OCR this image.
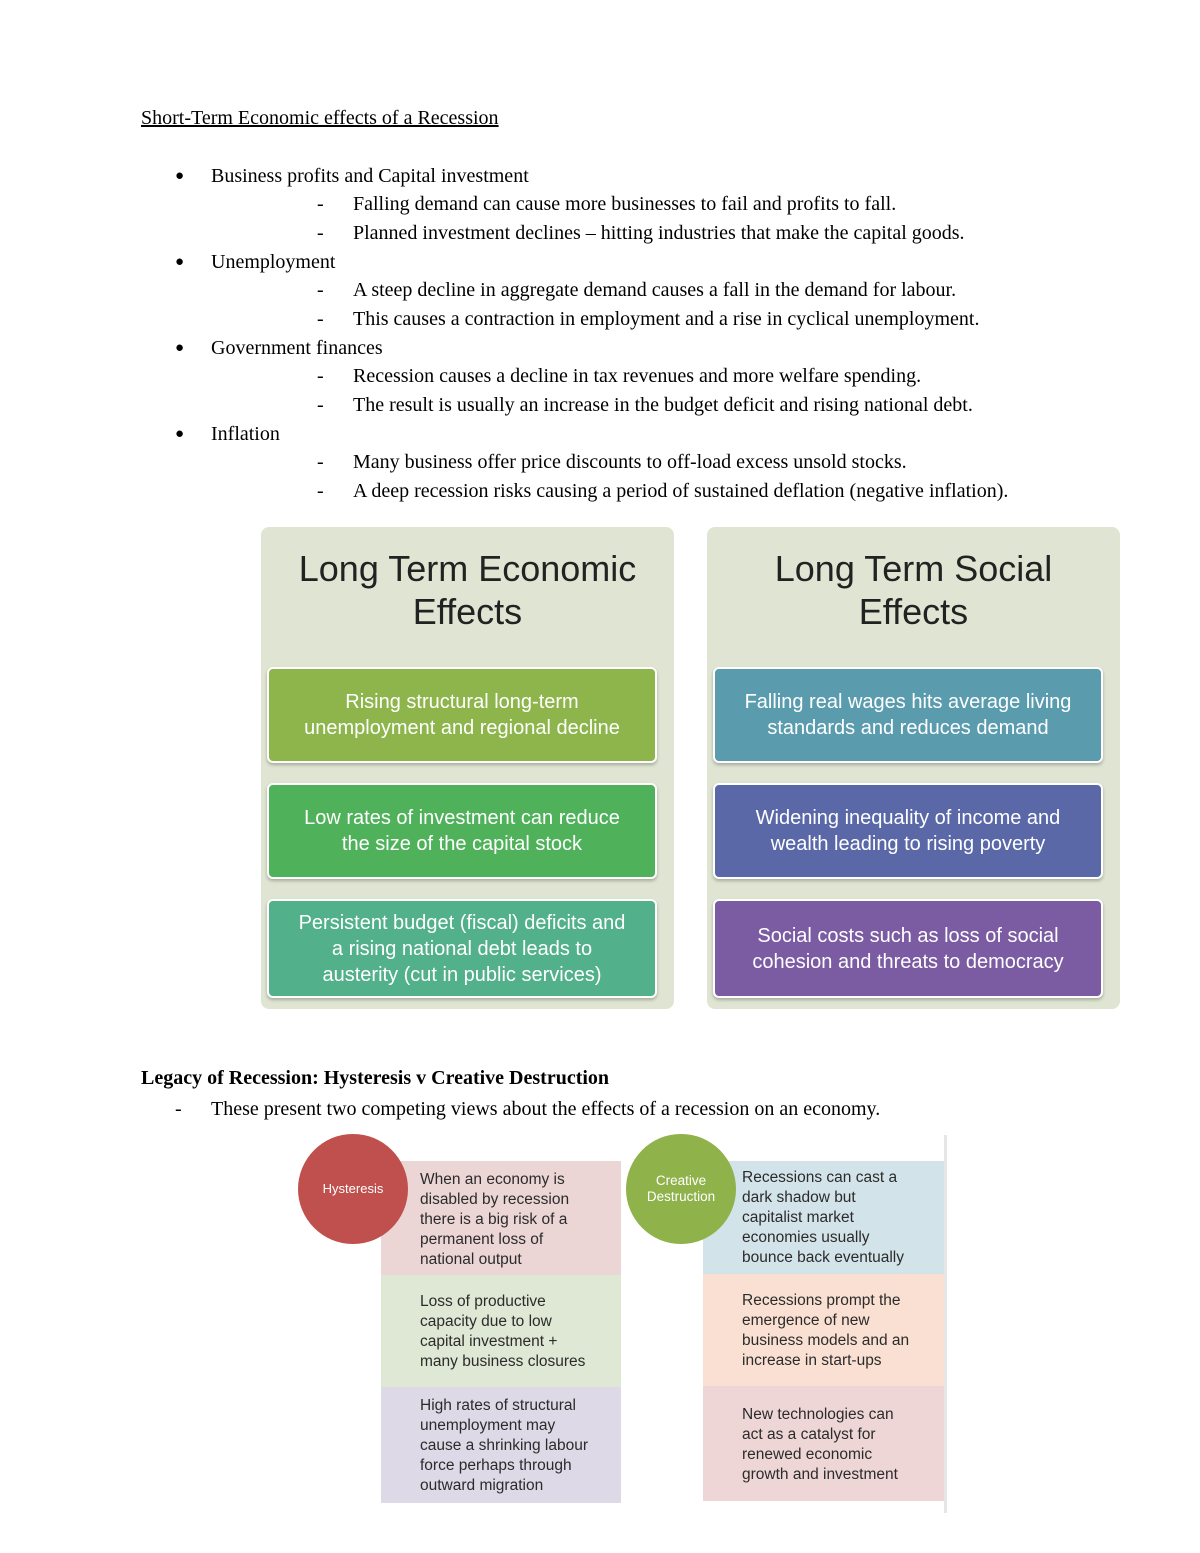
Short-Term Economic effects of a Recession
● Business profits and Capital investment
- Falling demand can cause more businesses to fail and profits to fall.
- Planned investment declines – hitting industries that make the capital goods.
● Unemployment
- A steep decline in aggregate demand causes a fall in the demand for labour.
- This causes a contraction in employment and a rise in cyclical unemployment.
● Government finances
- Recession causes a decline in tax revenues and more welfare spending.
- The result is usually an increase in the budget deficit and rising national debt.
● Inflation
- Many business offer price discounts to off-load excess unsold stocks.
- A deep recession risks causing a period of sustained deflation (negative inflation).
Long Term Economic
Effects
Rising structural long-term
unemployment and regional decline
Low rates of investment can reduce
the size of the capital stock
Persistent budget (fiscal) deficits and
a rising national debt leads to
austerity (cut in public services)
Long Term Social
Effects
Falling real wages hits average living
standards and reduces demand
Widening inequality of income and
wealth leading to rising poverty
Social costs such as loss of social
cohesion and threats to democracy
Legacy of Recession: Hysteresis v Creative Destruction
- These present two competing views about the effects of a recession on an economy.
When an economy is
disabled by recession
there is a big risk of a
permanent loss of
national output
Loss of productive
capacity due to low
capital investment +
many business closures
High rates of structural
unemployment may
cause a shrinking labour
force perhaps through
outward migration
Hysteresis
Recessions can cast a
dark shadow but
capitalist market
economies usually
bounce back eventually
Recessions prompt the
emergence of new
business models and an
increase in start-ups
New technologies can
act as a catalyst for
renewed economic
growth and investment
Creative
Destruction
